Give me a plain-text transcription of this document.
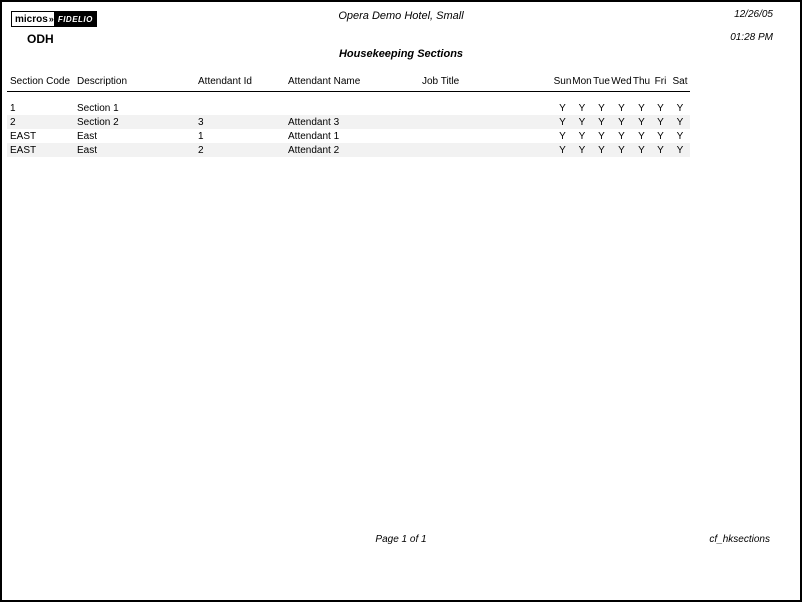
micros » FIDELIO
ODH
Opera Demo Hotel, Small
Housekeeping Sections
12/26/05
01:28 PM
Section Code	Description	Attendant Id	Attendant Name	Job Title	Sun	Mon	Tue	Wed	Thu	Fri	Sat

1	Section 1				Y	Y	Y	Y	Y	Y	Y
2	Section 2	3	Attendant 3		Y	Y	Y	Y	Y	Y	Y
EAST	East	1	Attendant 1		Y	Y	Y	Y	Y	Y	Y
EAST	East	2	Attendant 2		Y	Y	Y	Y	Y	Y	Y
Page 1 of 1	cf_hksections
